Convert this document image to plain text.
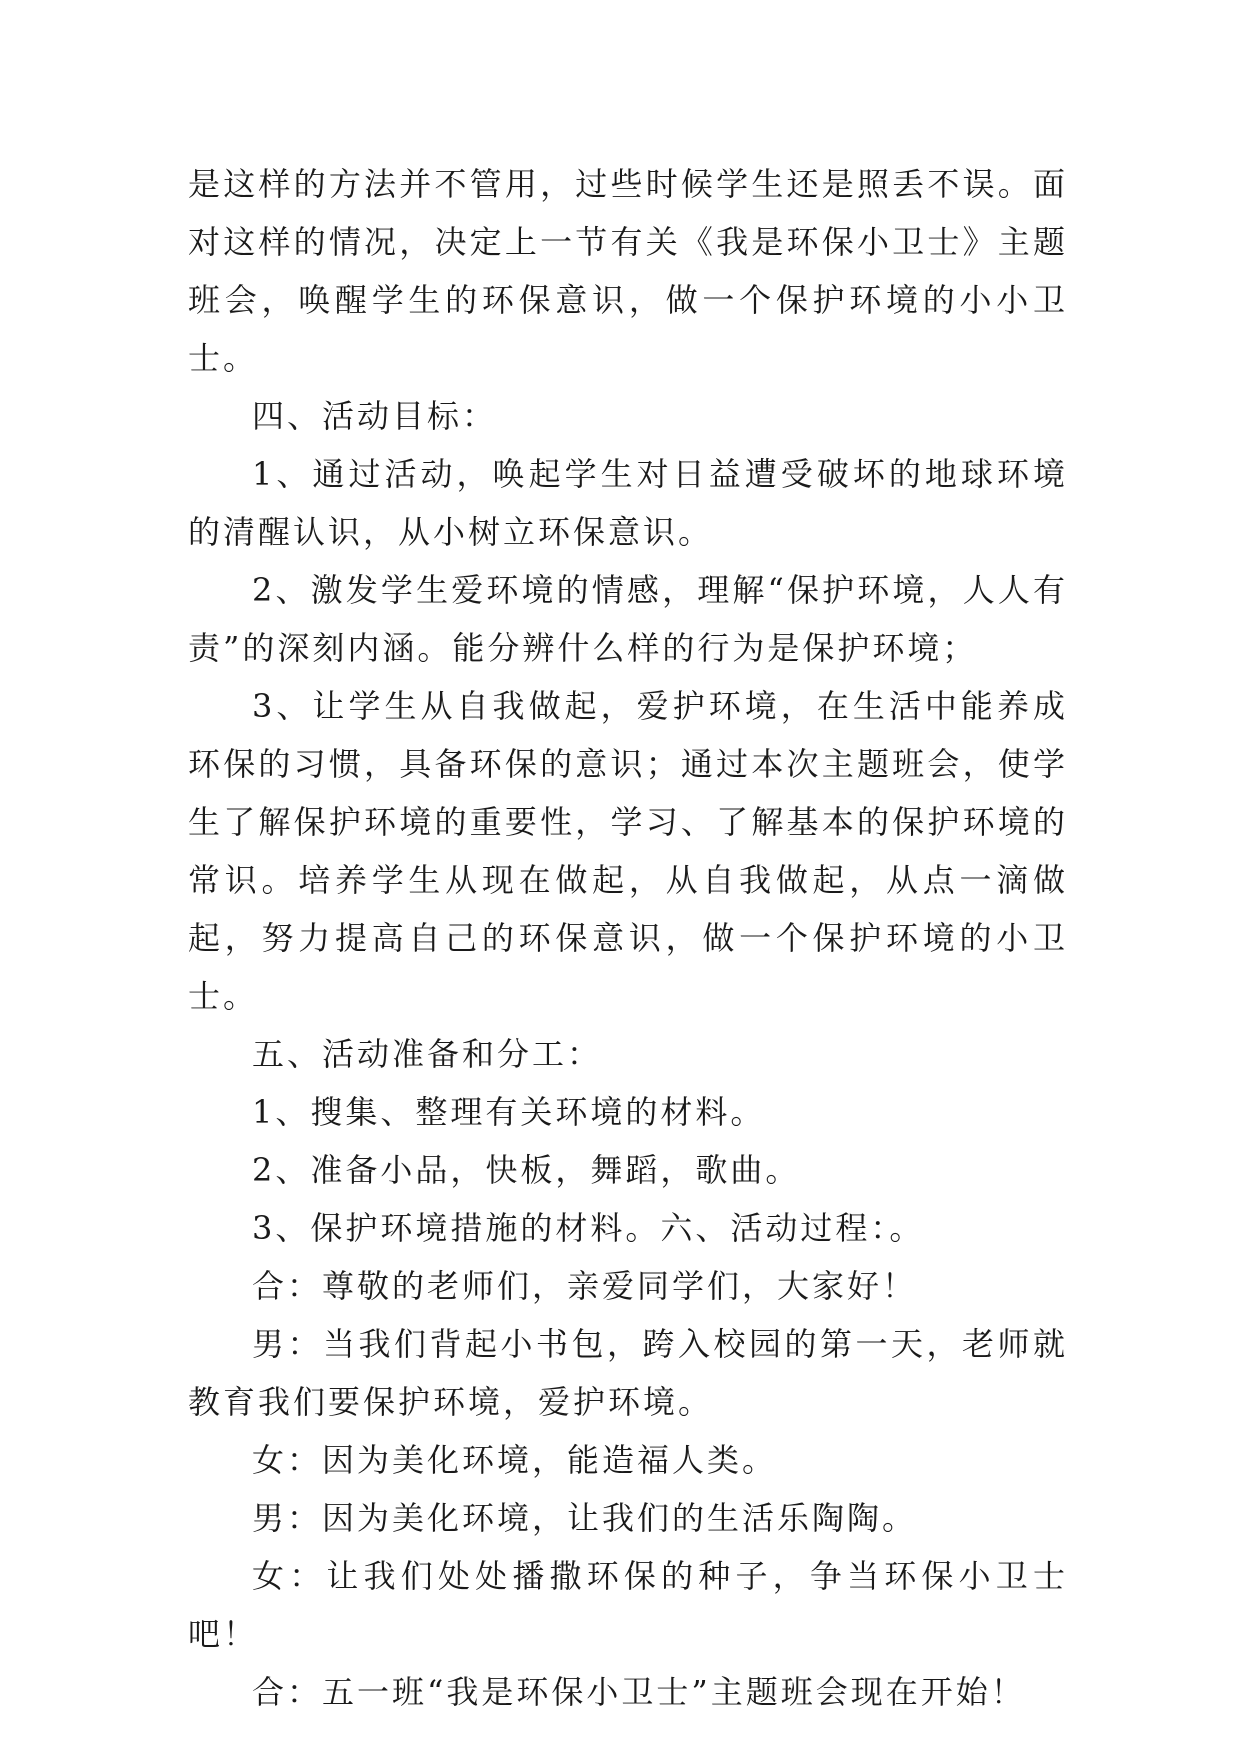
是这样的方法并不管用，过些时候学生还是照丢不误。面对这样的情况，决定上一节有关《我是环保小卫士》主题班会，唤醒学生的环保意识，做一个保护环境的小小卫士。

四、活动目标：

1、通过活动，唤起学生对日益遭受破坏的地球环境的清醒认识，从小树立环保意识。

2、激发学生爱环境的情感，理解“保护环境，人人有责”的深刻内涵。能分辨什么样的行为是保护环境；

3、让学生从自我做起，爱护环境，在生活中能养成环保的习惯，具备环保的意识；通过本次主题班会，使学生了解保护环境的重要性，学习、了解基本的保护环境的常识。培养学生从现在做起，从自我做起，从点一滴做起，努力提高自己的环保意识，做一个保护环境的小卫士。

五、活动准备和分工：

1、搜集、整理有关环境的材料。

2、准备小品，快板，舞蹈，歌曲。

3、保护环境措施的材料。六、活动过程：。

合：尊敬的老师们，亲爱同学们，大家好！

男：当我们背起小书包，跨入校园的第一天，老师就教育我们要保护环境，爱护环境。

女：因为美化环境，能造福人类。

男：因为美化环境，让我们的生活乐陶陶。

女：让我们处处播撒环保的种子，争当环保小卫士吧！

合：五一班“我是环保小卫士”主题班会现在开始！
